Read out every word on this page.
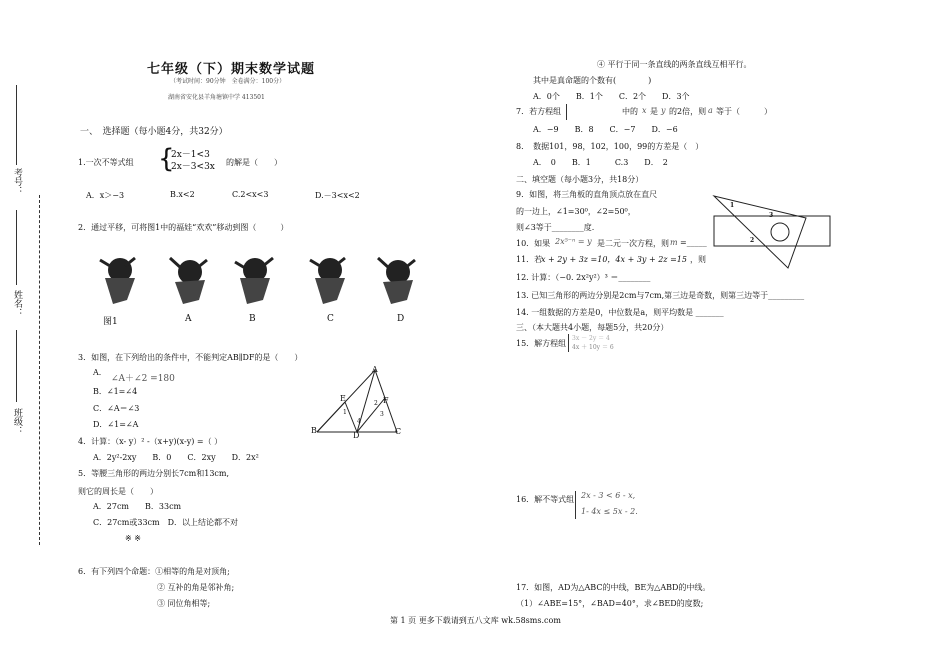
考号：
姓名：
班级：
七年级（下）期末数学试题
（考试时间：90分钟　全卷满分：100分）
湖南省安化县羊角塘镇中学 413501
一、　选择题（每小题4分，共32分）
1.一次不等式组 {
2x－1<3
2x－3<3x 的解是（　　）
A．x＞−3	B.x<2	C.2<x<3	D.－3<x<2
2．通过平移，可将图1中的福娃“欢欢”移动到图（　　　）
图1	A	B	C	D
3．如图，在下列给出的条件中，不能判定AB∥DF的是（　　）
A．
∠A＋∠2 =180
B．∠1=∠4
C．∠A＝∠3
D．∠1=∠A
A
E	F
B
D	C
1
2
3
4
4．计算：（x- y）² -（x+y)(x-y) =（ ）
A．2y²-2xy　　B．0　　C．2xy　　D．2x²
5．等腰三角形的两边分别长7cm和13cm,
则它的周长是（　　）
A．27cm　　B．33cm
C．27cm或33cm　D．以上结论都不对
※ ※
6．有下列四个命题：①相等的角是对顶角;
② 互补的角是邻补角;
③ 同位角相等;
④ 平行于同一条直线的两条直线互相平行。
其中是真命题的个数有(　　　　)
A．0个　　B．1个　　C．2个　　D．3个
7．若方程组	中的 x 是 y 的2倍，则 a 等于（　　　）
A．−9　　B．8　　C．−7　　D．−6
8．　数据101，98，102，100，99的方差是（　）
A．　0　　B．1　　　C.3　　D．　2
二、填空题（每小题3分，共18分）
9．如图，将三角板的直角顶点放在直尺
的一边上，∠1=30⁰，∠2=50⁰，
则∠3等于________度.
1
3
2
10．如果 2x⁵⁻ⁿ = y 是二元一次方程，则 m =_____
11．若
x + 2y + 3z =10，4x + 3y + 2z =15 ，则
12. 计算：（−0. 2x²y²）³ ＝________
13. 已知三角形的两边分别是2cm与7cm,第三边是奇数，则第三边等于_________
14. 一组数据的方差是0，中位数是a，则平均数是 _______
三、（本大题共4小题，每题5分，共20分）
15．解方程组
3x － 2y ＝ 4
4x ＋ 10y ＝ 6
16．解不等式组 2x - 3 < 6 - x,
1- 4x ≤ 5x - 2.
17．如图，AD为△ABC的中线，BE为△ABD的中线。
（1）∠ABE=15°，∠BAD=40°，求∠BED的度数;
第 1 页 更多下载请到五八文库 wk.58sms.com
